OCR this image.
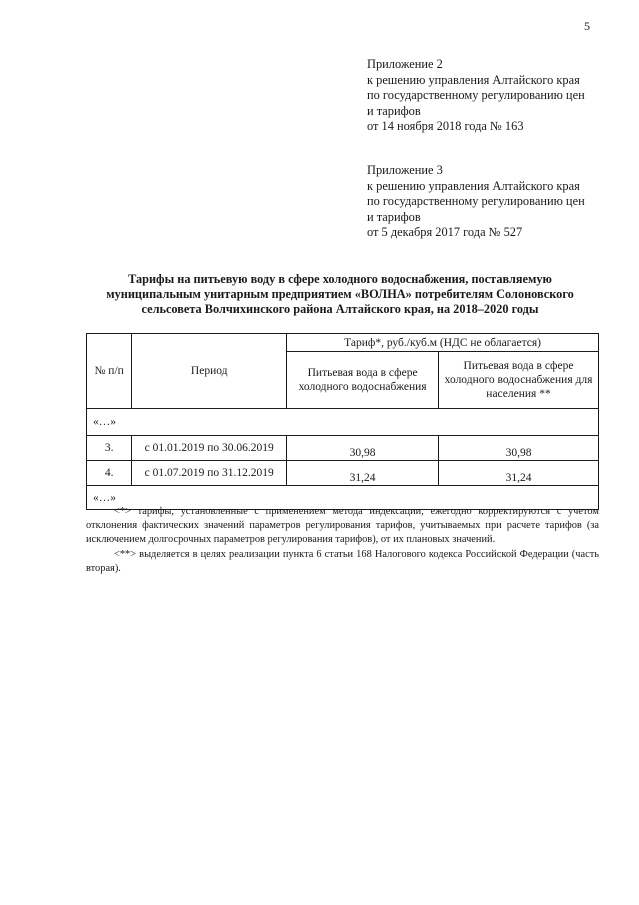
5
Приложение 2
к решению управления Алтайского края
по государственному регулированию цен
и тарифов
от 14 ноября 2018 года № 163
Приложение 3
к решению управления Алтайского края
по государственному регулированию цен
и тарифов
от 5 декабря 2017 года № 527
Тарифы на питьевую воду в сфере холодного водоснабжения, поставляемую
муниципальным унитарным предприятием «ВОЛНА» потребителям Солоновского
сельсовета Волчихинского района Алтайского края, на 2018–2020 годы
№ п/п	Период	Тариф*, руб./куб.м (НДС не облагается)	
		Питьевая вода в сфере холодного водоснабжения	Питьевая вода в сфере холодного водоснабжения для населения **
«…»			
3.	с 01.01.2019 по 30.06.2019	30,98	30,98
4.	с 01.07.2019 по 31.12.2019	31,24	31,24
«…»			

<*> тарифы, установленные с применением метода индексации, ежегодно корректируются с учетом отклонения фактических значений параметров регулирования тарифов, учитываемых при расчете тарифов (за исключением долгосрочных параметров регулирования тарифов), от их плановых значений.

<**> выделяется в целях реализации пункта 6 статьи 168 Налогового кодекса Российской Федерации (часть вторая).
